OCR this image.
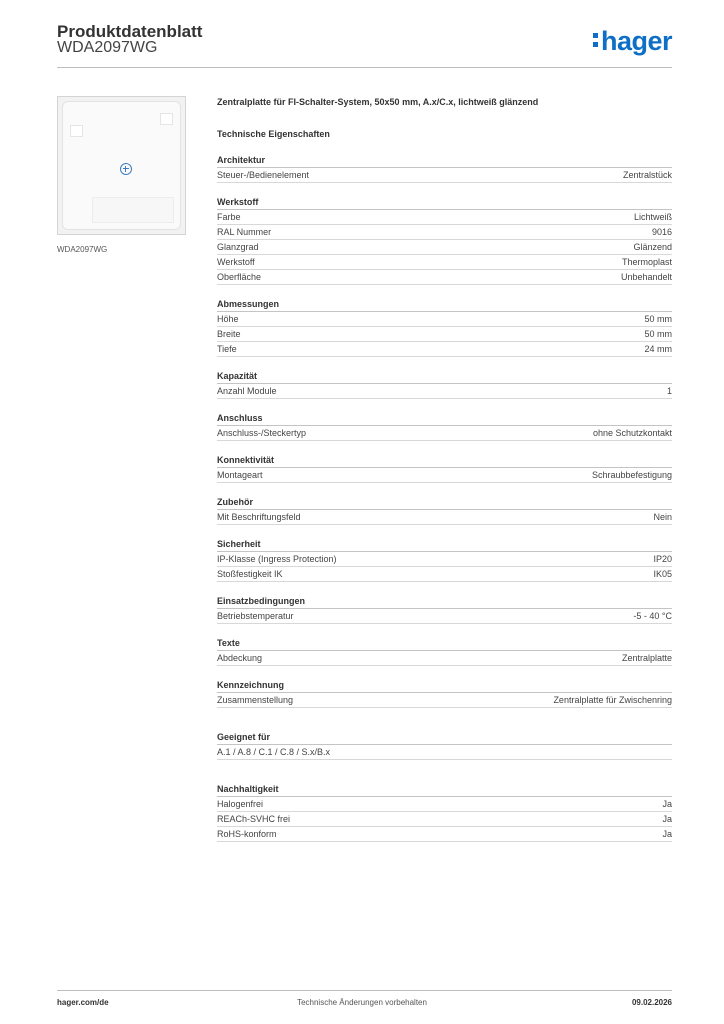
Produktdatenblatt
WDA2097WG	hager
WDA2097WG
Zentralplatte für FI-Schalter-System, 50x50 mm, A.x/C.x, lichtweiß glänzend
Technische Eigenschaften
Architektur
Steuer-/Bedienelement	Zentralstück
Werkstoff
Farbe	Lichtweiß
RAL Nummer	9016
Glanzgrad	Glänzend
Werkstoff	Thermoplast
Oberfläche	Unbehandelt
Abmessungen
Höhe	50 mm
Breite	50 mm
Tiefe	24 mm
Kapazität
Anzahl Module	1
Anschluss
Anschluss-/Steckertyp	ohne Schutzkontakt
Konnektivität
Montageart	Schraubbefestigung
Zubehör
Mit Beschriftungsfeld	Nein
Sicherheit
IP-Klasse (Ingress Protection)	IP20
Stoßfestigkeit IK	IK05
Einsatzbedingungen
Betriebstemperatur	-5 - 40 °C
Texte
Abdeckung	Zentralplatte
Kennzeichnung
Zusammenstellung	Zentralplatte für Zwischenring
Geeignet für
A.1 / A.8 / C.1 / C.8 / S.x/B.x
Nachhaltigkeit
Halogenfrei	Ja
REACh-SVHC frei	Ja
RoHS-konform	Ja
hager.com/de	Technische Änderungen vorbehalten	09.02.2026
